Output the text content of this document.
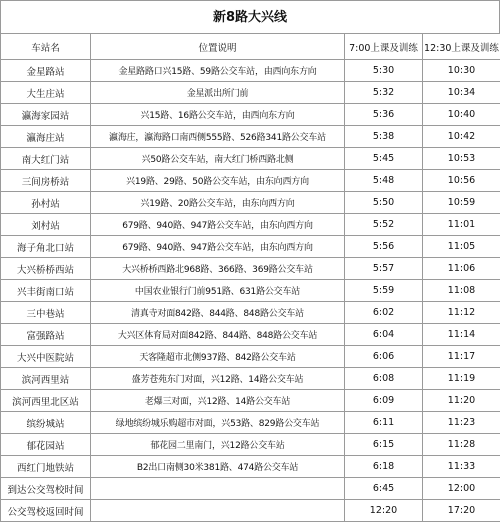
新8路大兴线
车站名	位置说明	7:00上课及训练	12:30上课及训练
金星路站	金星路路口兴15路、59路公交车站，由西向东方向	5:30	10:30
大生庄站	金星派出所门前	5:32	10:34
瀛海家园站	兴15路、16路公交车站，由西向东方向	5:36	10:40
瀛海庄站	瀛海庄，瀛海路口南西侧555路、526路341路公交车站	5:38	10:42
南大红门站	兴50路公交车站，南大红门桥西路北侧	5:45	10:53
三间房桥站	兴19路、29路、50路公交车站，由东向西方向	5:48	10:56
孙村站	兴19路、20路公交车站，由东向西方向	5:50	10:59
刘村站	679路、940路、947路公交车站，由东向西方向	5:52	11:01
海子角北口站	679路、940路、947路公交车站，由东向西方向	5:56	11:05
大兴桥桥西站	大兴桥桥西路北968路、366路、369路公交车站	5:57	11:06
兴丰街南口站	中国农业银行门前951路、631路公交车站	5:59	11:08
三中巷站	清真寺对面842路、844路、848路公交车站	6:02	11:12
富强路站	大兴区体育局对面842路、844路、848路公交车站	6:04	11:14
大兴中医院站	天客隆超市北侧937路、842路公交车站	6:06	11:17
滨河西里站	盛芳苍苑东门对面，兴12路、14路公交车站	6:08	11:19
滨河西里北区站	老爆三对面，兴12路、14路公交车站	6:09	11:20
缤纷城站	绿地缤纷城乐购超市对面，兴53路、829路公交车站	6:11	11:23
郁花园站	郁花园二里南门，兴12路公交车站	6:15	11:28
西红门地铁站	B2出口南侧30米381路、474路公交车站	6:18	11:33
到达公交驾校时间		6:45	12:00
公交驾校返回时间		12:20	17:20
